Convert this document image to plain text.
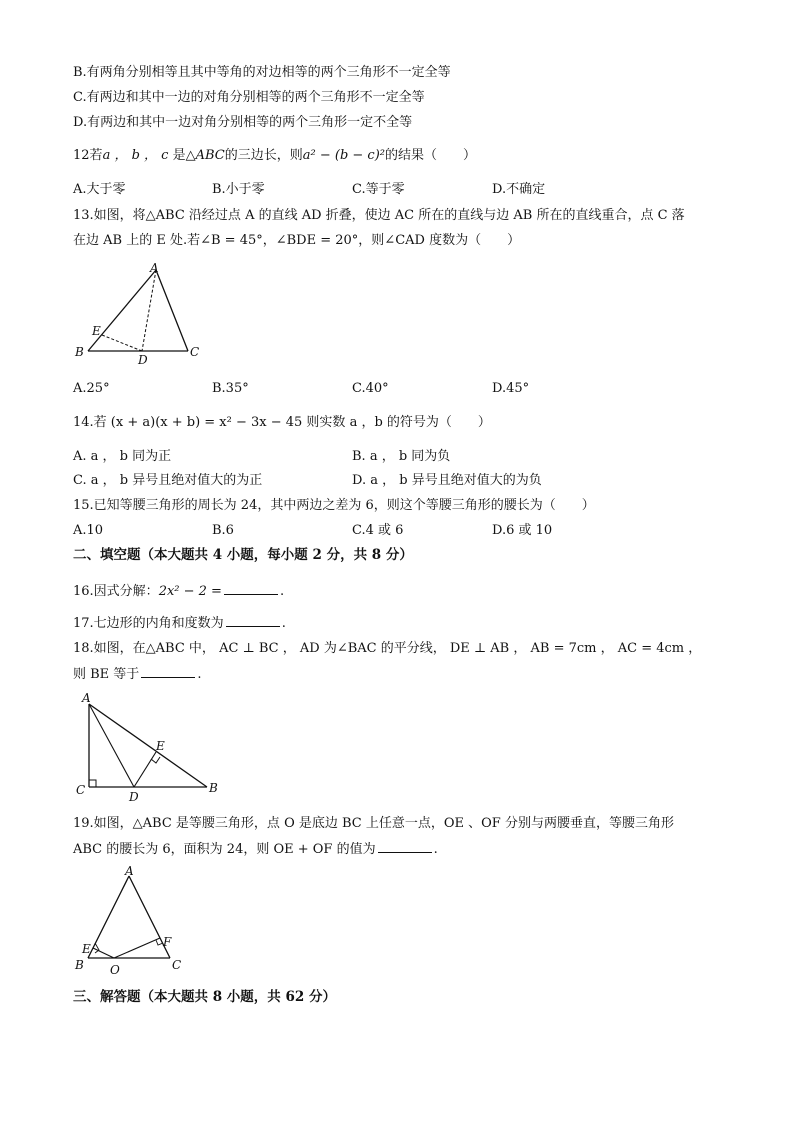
B.有两角分别相等且其中等角的对边相等的两个三角形不一定全等
C.有两边和其中一边的对角分别相等的两个三角形不一定全等
D.有两边和其中一边对角分别相等的两个三角形一定不全等
12若a ， b ， c 是△ABC的三边长，则a² − (b − c)²的结果（　　）
A.大于零	B.小于零	C.等于零	D.不确定
13.如图，将△ABC 沿经过点 A 的直线 AD 折叠，使边 AC 所在的直线与边 AB 所在的直线重合，点 C 落
在边 AB 上的 E 处.若∠B = 45°，∠BDE = 20°，则∠CAD 度数为（　　）
A
E
B
D
C
A.25°	B.35°	C.40°	D.45°
14.若 (x + a)(x + b) = x² − 3x − 45 则实数 a ，b 的符号为（　　）
A. a ， b 同为正	B. a ， b 同为负
C. a ， b 异号且绝对值大的为正	D. a ， b 异号且绝对值大的为负
15.已知等腰三角形的周长为 24，其中两边之差为 6，则这个等腰三角形的腰长为（　　）
A.10	B.6	C.4 或 6	D.6 或 10
二、填空题（本大题共 4 小题，每小题 2 分，共 8 分）
16.因式分解：2x² − 2 =	.
17.七边形的内角和度数为	.
18.如图，在△ABC 中， AC ⊥ BC ， AD 为∠BAC 的平分线， DE ⊥ AB ， AB = 7cm ， AC = 4cm ，
则 BE 等于	.
A
E
C	D
B
19.如图，△ABC 是等腰三角形，点 O 是底边 BC 上任意一点，OE 、OF 分别与两腰垂直，等腰三角形
ABC 的腰长为 6，面积为 24，则 OE + OF 的值为	.
A
E	F
B O	C
三、解答题（本大题共 8 小题，共 62 分）
